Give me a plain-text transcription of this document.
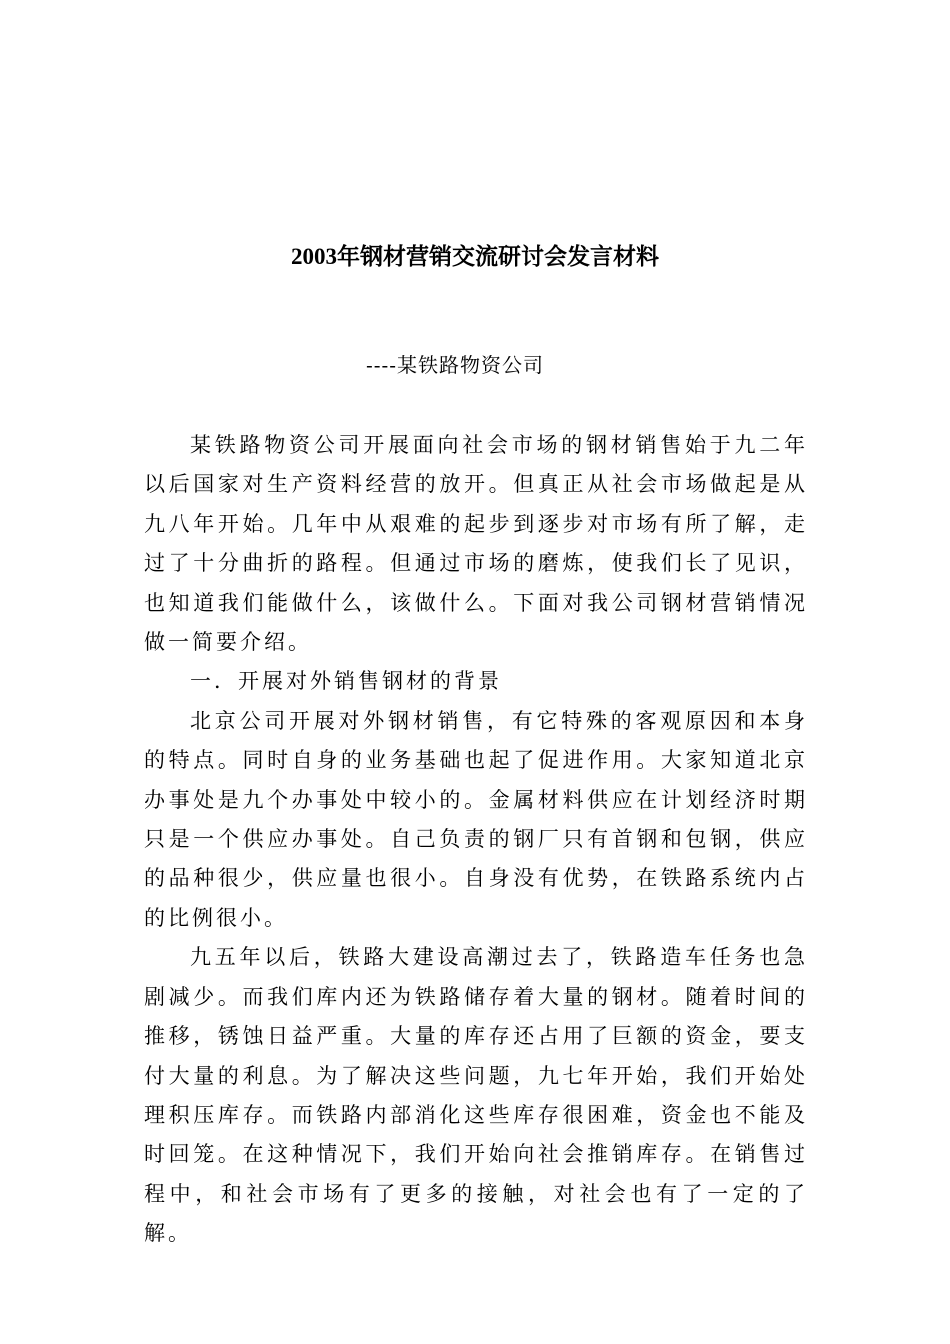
2003年钢材营销交流研讨会发言材料
----某铁路物资公司

某铁路物资公司开展面向社会市场的钢材销售始于九二年以后国家对生产资料经营的放开。但真正从社会市场做起是从九八年开始。几年中从艰难的起步到逐步对市场有所了解，走过了十分曲折的路程。但通过市场的磨炼，使我们长了见识，也知道我们能做什么，该做什么。下面对我公司钢材营销情况做一简要介绍。

一．开展对外销售钢材的背景

北京公司开展对外钢材销售，有它特殊的客观原因和本身的特点。同时自身的业务基础也起了促进作用。大家知道北京办事处是九个办事处中较小的。金属材料供应在计划经济时期只是一个供应办事处。自己负责的钢厂只有首钢和包钢，供应的品种很少，供应量也很小。自身没有优势，在铁路系统内占的比例很小。

九五年以后，铁路大建设高潮过去了，铁路造车任务也急剧减少。而我们库内还为铁路储存着大量的钢材。随着时间的推移，锈蚀日益严重。大量的库存还占用了巨额的资金，要支付大量的利息。为了解决这些问题，九七年开始，我们开始处理积压库存。而铁路内部消化这些库存很困难，资金也不能及时回笼。在这种情况下，我们开始向社会推销库存。在销售过程中，和社会市场有了更多的接触，对社会也有了一定的了解。
